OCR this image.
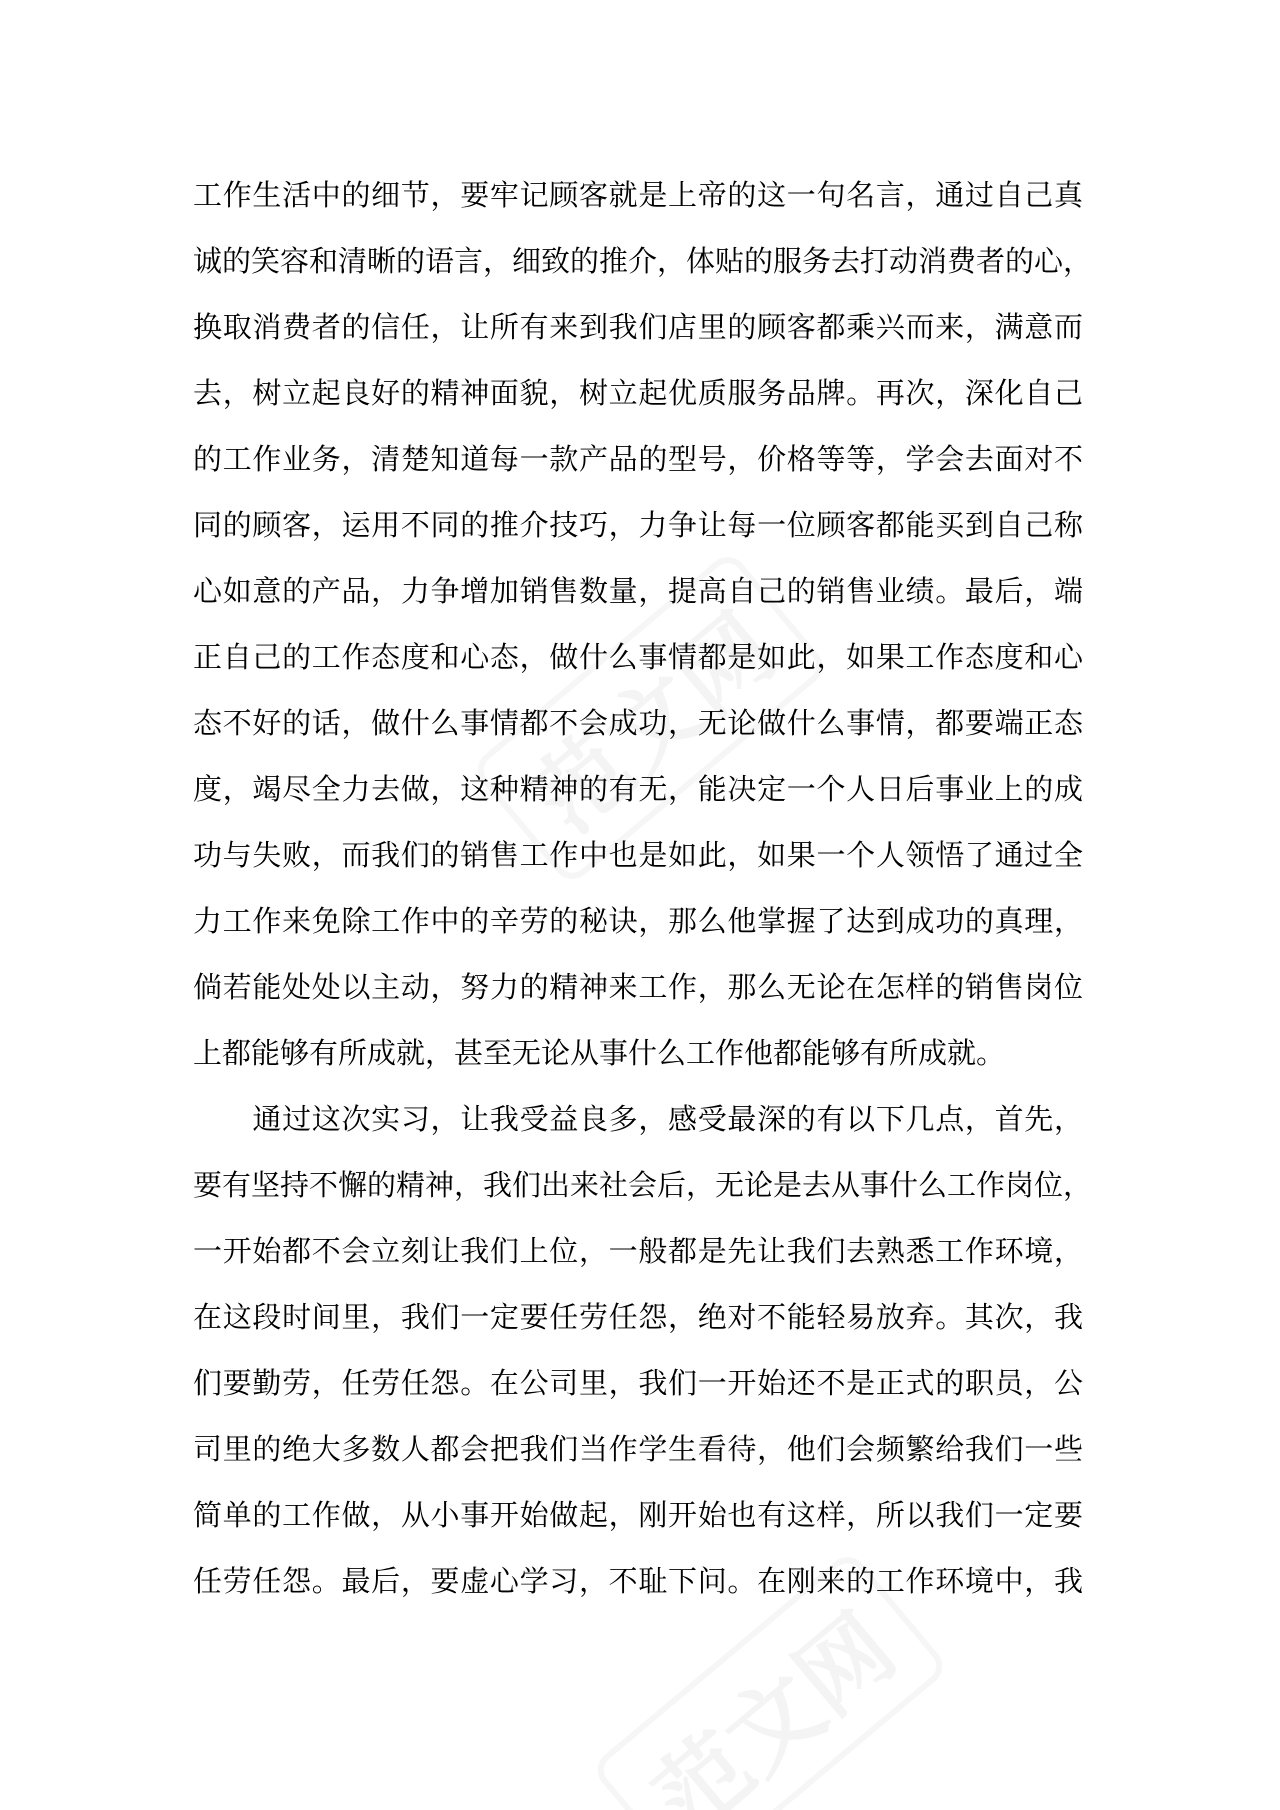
工作生活中的细节，要牢记顾客就是上帝的这一句名言，通过自己真
诚的笑容和清晰的语言，细致的推介，体贴的服务去打动消费者的心，
换取消费者的信任，让所有来到我们店里的顾客都乘兴而来，满意而
去，树立起良好的精神面貌，树立起优质服务品牌。再次，深化自己
的工作业务，清楚知道每一款产品的型号，价格等等，学会去面对不
同的顾客，运用不同的推介技巧，力争让每一位顾客都能买到自己称
心如意的产品，力争增加销售数量，提高自己的销售业绩。最后，端
正自己的工作态度和心态，做什么事情都是如此，如果工作态度和心
态不好的话，做什么事情都不会成功，无论做什么事情，都要端正态
度，竭尽全力去做，这种精神的有无，能决定一个人日后事业上的成
功与失败，而我们的销售工作中也是如此，如果一个人领悟了通过全
力工作来免除工作中的辛劳的秘诀，那么他掌握了达到成功的真理，
倘若能处处以主动，努力的精神来工作，那么无论在怎样的销售岗位
上都能够有所成就，甚至无论从事什么工作他都能够有所成就。
　　通过这次实习，让我受益良多，感受最深的有以下几点，首先，
要有坚持不懈的精神，我们出来社会后，无论是去从事什么工作岗位，
一开始都不会立刻让我们上位，一般都是先让我们去熟悉工作环境，
在这段时间里，我们一定要任劳任怨，绝对不能轻易放弃。其次，我
们要勤劳，任劳任怨。在公司里，我们一开始还不是正式的职员，公
司里的绝大多数人都会把我们当作学生看待，他们会频繁给我们一些
简单的工作做，从小事开始做起，刚开始也有这样，所以我们一定要
任劳任怨。最后，要虚心学习，不耻下问。在刚来的工作环境中，我
